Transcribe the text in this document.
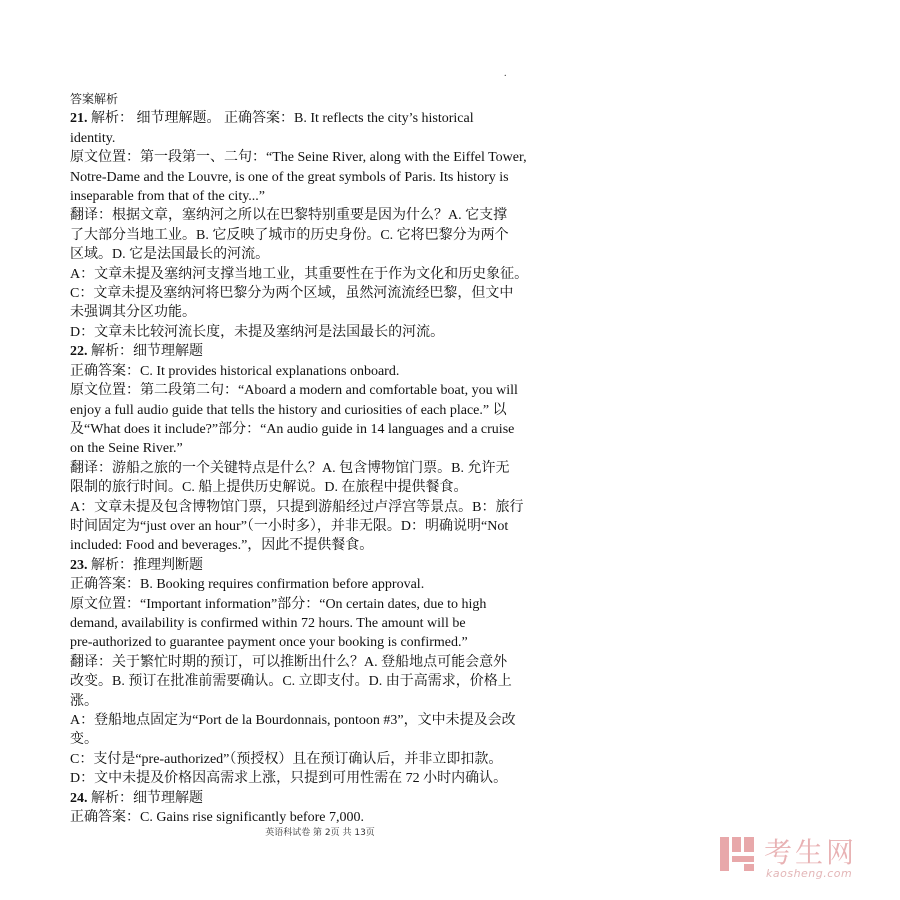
.

答案解析

21. 解析： 细节理解题。 正确答案：B. It reflects the city’s historical

identity.

原文位置：第一段第一、二句：“The Seine River, along with the Eiffel Tower,

Notre-Dame and the Louvre, is one of the great symbols of Paris. Its history is

inseparable from that of the city...”

翻译：根据文章，塞纳河之所以在巴黎特别重要是因为什么？A. 它支撑

了大部分当地工业。B. 它反映了城市的历史身份。C. 它将巴黎分为两个

区域。D. 它是法国最长的河流。

A：文章未提及塞纳河支撑当地工业，其重要性在于作为文化和历史象征。

C：文章未提及塞纳河将巴黎分为两个区域，虽然河流流经巴黎，但文中

未强调其分区功能。

D：文章未比较河流长度，未提及塞纳河是法国最长的河流。

22. 解析：细节理解题

正确答案：C. It provides historical explanations onboard.

原文位置：第二段第二句：“Aboard a modern and comfortable boat, you will

enjoy a full audio guide that tells the history and curiosities of each place.” 以

及“What does it include?”部分：“An audio guide in 14 languages and a cruise

on the Seine River.”

翻译：游船之旅的一个关键特点是什么？A. 包含博物馆门票。B. 允许无

限制的旅行时间。C. 船上提供历史解说。D. 在旅程中提供餐食。

A：文章未提及包含博物馆门票，只提到游船经过卢浮宫等景点。B：旅行

时间固定为“just over an hour”（一小时多），并非无限。D：明确说明“Not

included: Food and beverages.”，因此不提供餐食。

23. 解析：推理判断题

正确答案：B. Booking requires confirmation before approval.

原文位置：“Important information”部分：“On certain dates, due to high

demand, availability is confirmed within 72 hours. The amount will be

pre-authorized to guarantee payment once your booking is confirmed.”

翻译：关于繁忙时期的预订，可以推断出什么？A. 登船地点可能会意外

改变。B. 预订在批准前需要确认。C. 立即支付。D. 由于高需求，价格上

涨。

A：登船地点固定为“Port de la Bourdonnais, pontoon #3”，文中未提及会改

变。

C：支付是“pre-authorized”（预授权）且在预订确认后，并非立即扣款。

D：文中未提及价格因高需求上涨，只提到可用性需在 72 小时内确认。

24. 解析：细节理解题

正确答案：C. Gains rise significantly before 7,000.

英语科试卷 第 2页 共 13页
考生网
kaosheng.com
